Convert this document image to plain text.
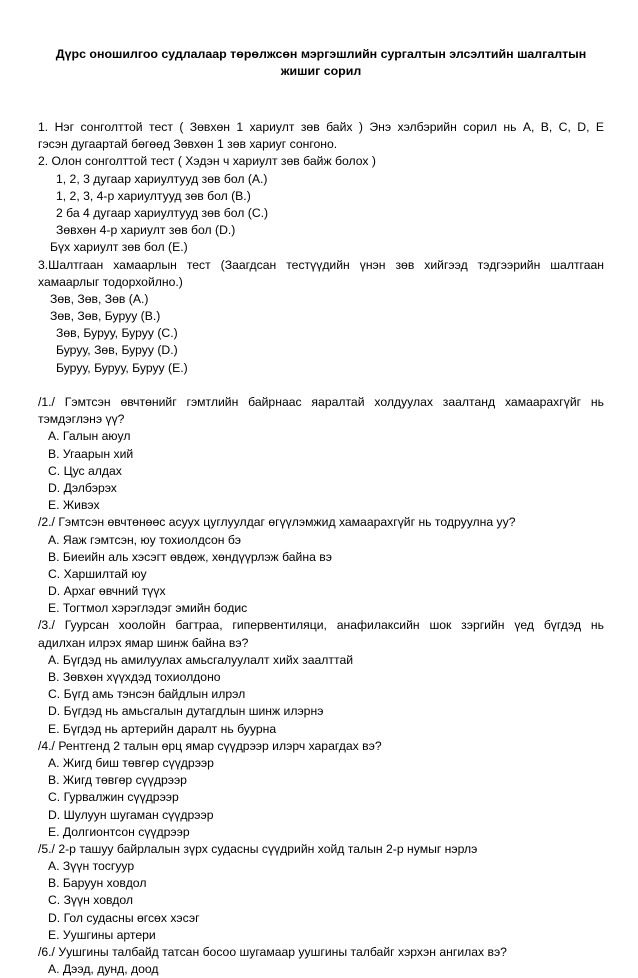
Дүрс оношилгоо судлалаар төрөлжсөн мэргэшлийн сургалтын элсэлтийн шалгалтын
жишиг сорил
1. Нэг сонголттой тест ( Зөвхөн 1 хариулт зөв байх ) Энэ хэлбэрийн сорил нь A, B, C, D, E
гэсэн дугаартай бөгөөд Зөвхөн 1 зөв хариуг сонгоно.
2. Олон сонголттой тест ( Хэдэн ч хариулт зөв байж болох )
1, 2, 3 дугаар хариултууд зөв бол (A.)
1, 2, 3, 4-р хариултууд зөв бол (B.)
2 ба 4 дугаар хариултууд зөв бол (C.)
Зөвхөн 4-р хариулт зөв бол (D.)
Бүх хариулт зөв бол (E.)
3.Шалтгаан хамаарлын тест (Заагдсан тестүүдийн үнэн зөв хийгээд тэдгээрийн шалтгаан
хамаарлыг тодорхойлно.)
Зөв, Зөв, Зөв (A.)
Зөв, Зөв, Буруу (B.)
Зөв, Буруу, Буруу (C.)
Буруу, Зөв, Буруу (D.)
Буруу, Буруу, Буруу (E.)
/1./ Гэмтсэн өвчтөнийг гэмтлийн байрнаас яаралтай холдуулах заалтанд хамаарахгүйг нь
тэмдэглэнэ үү?
A. Галын аюул
B. Угаарын хий
C. Цус алдах
D. Дэлбэрэх
E. Живэх
/2./ Гэмтсэн өвчтөнөөс асуух цуглуулдаг өгүүлэмжид хамаарахгүйг нь тодруулна уу?
A. Яаж гэмтсэн, юу тохиолдсон бэ
B. Биеийн аль хэсэгт өвдөж, хөндүүрлэж байна вэ
C. Харшилтай юу
D. Архаг өвчний түүх
E. Тогтмол хэрэглэдэг эмийн бодис
/3./ Гуурсан хоолойн багтраа, гипервентиляци, анафилаксийн шок зэргийн үед бүгдэд нь
адилхан илрэх ямар шинж байна вэ?
A. Бүгдэд нь амилуулах амьсгалуулалт хийх заалттай
B. Зөвхөн хүүхдэд тохиолдоно
C. Бүгд амь тэнсэн байдлын илрэл
D. Бүгдэд нь амьсгалын дутагдлын шинж илэрнэ
E. Бүгдэд нь артерийн даралт нь буурна
/4./ Рентгенд 2 талын өрц ямар сүүдрээр илэрч харагдах вэ?
A. Жигд биш төвгөр сүүдрээр
B. Жигд төвгөр сүүдрээр
C. Гурвалжин сүүдрээр
D. Шулуун шугаман сүүдрээр
E. Долгионтсон сүүдрээр
/5./ 2-р ташуу байрлалын зүрх судасны сүүдрийн хойд талын 2-р нумыг нэрлэ
A. Зүүн тосгуур
B. Баруун ховдол
C. Зүүн ховдол
D. Гол судасны өгсөх хэсэг
E. Уушгины артери
/6./ Уушгины талбайд татсан босоо шугамаар уушгины талбайг хэрхэн ангилах вэ?
A. Дээд, дунд, доод
